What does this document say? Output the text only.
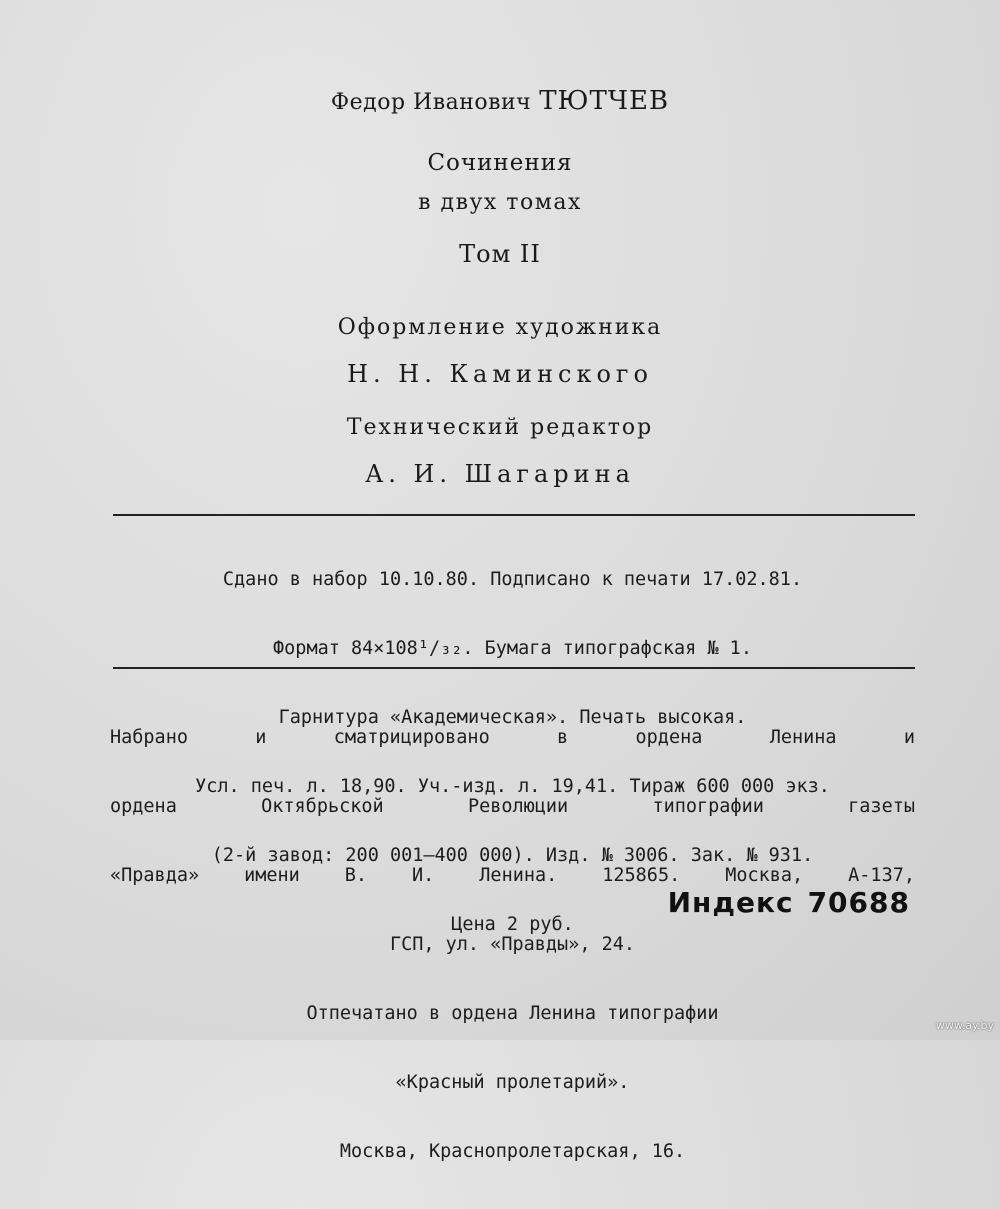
Федор Иванович ТЮТЧЕВ
Сочинения
в двух томах
Том II
Оформление художника
Н. Н. Каминского
Технический редактор
А. И. Шагарина

Сдано в набор 10.10.80. Подписано к печати 17.02.81.

Формат 84×108¹/₃₂. Бумага типографская № 1.

Гарнитура «Академическая». Печать высокая.

Усл. печ. л. 18,90. Уч.-изд. л. 19,41. Тираж 600 000 экз.

(2-й завод: 200 001—400 000). Изд. № 3006. Зак. № 931.

Цена 2 руб.

Набрано и сматрицировано в ордена Ленина и

ордена Октябрьской Революции типографии газеты

«Правда» имени В. И. Ленина. 125865. Москва, А-137,

ГСП, ул. «Правды», 24.

Отпечатано в ордена Ленина типографии

«Красный пролетарий».

Москва, Краснопролетарская, 16.

Индекс 70688
www.ay.by
